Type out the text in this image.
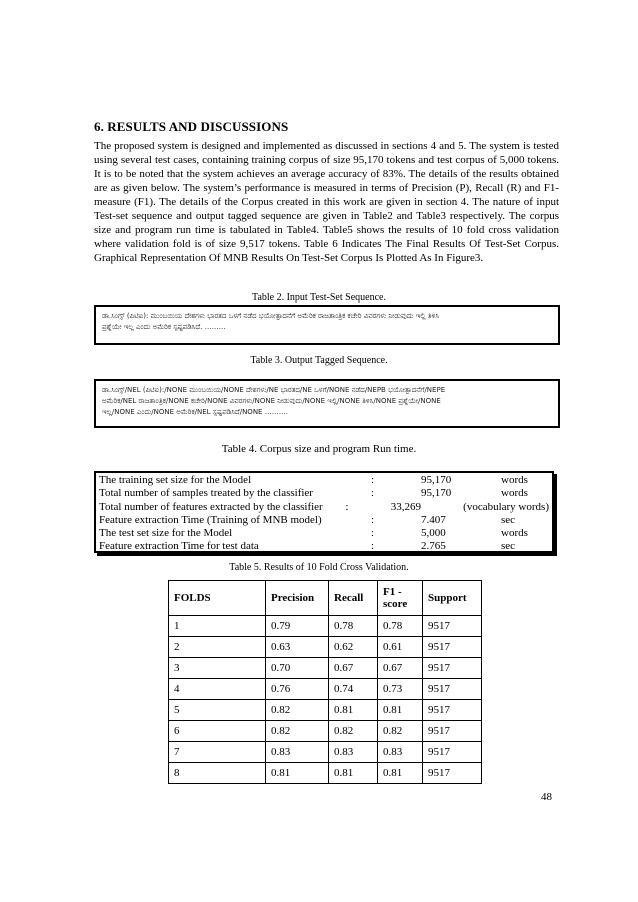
6. RESULTS AND DISCUSSIONS
The proposed system is designed and implemented as discussed in sections 4 and 5. The system is tested using several test cases, containing training corpus of size 95,170 tokens and test corpus of 5,000 tokens. It is to be noted that the system achieves an average accuracy of 83%. The details of the results obtained are as given below. The system’s performance is measured in terms of Precision (P), Recall (R) and F1-measure (F1). The details of the Corpus created in this work are given in section 4. The nature of input Test-set sequence and output tagged sequence are given in Table2 and Table3 respectively. The corpus size and program run time is tabulated in Table4. Table5 shows the results of 10 fold cross validation where validation fold is of size 9,517 tokens. Table 6 Indicates The Final Results Of Test-Set Corpus. Graphical Representation Of MNB Results On Test-Set Corpus Is Plotted As In Figure3.
Table 2. Input Test-Set Sequence.
ಡಾ.ಸಿಂಗ್ಸ್ (ಪಿಟಿಐ): ಮುಂಬಯಿಯ ದೇಶಗಳು ಭಾರತದ ಒಳಗೆ ನಡೆದ ಭಯೋತ್ಪಾದನೆಗೆ ಅಮೆರಿಕ ರಾಜತಾಂತ್ರಿಕ ಕಚೇರಿ ವಿವರಗಳು ನೀಡುವುದು ಇಲ್ಲಿ ತಿಳಿಸಿ
ಪ್ರಶ್ನೆಯೇ ಇಲ್ಲ ಎಂದು ಅಮೆರಿಕ ಸ್ಪಷ್ಟಪಡಿಸಿದೆ. ………
Table 3. Output Tagged Sequence.
ಡಾ.ಸಿಂಗ್ಸ್/NEL (ಪಿಟಿಐ):/NONE ಮುಂಬಯಿಯ/NONE ದೇಶಗಳು/NE ಭಾರತದ/NE ಒಳಗೆ/NONE ನಡೆದ/NEPB ಭಯೋತ್ಪಾದನೆಗೆ/NEPE
ಅಮೆರಿಕ/NEL ರಾಜತಾಂತ್ರಿಕ/NONE ಕಚೇರಿ/NONE ವಿವರಗಳು/NONE ನೀಡುವುದು/NONE ಇಲ್ಲಿ/NONE ತಿಳಿಸಿ/NONE ಪ್ರಶ್ನೆಯೇ/NONE
ಇಲ್ಲ/NONE ಎಂದು/NONE ಅಮೆರಿಕ/NEL ಸ್ಪಷ್ಟಪಡಿಸಿದೆ/NONE ……….
Table 4. Corpus size and program Run time.
The training set size for the Model	:	95,170	words
Total number of samples treated by the classifier	:	95,170	words
Total number of features extracted by the classifier	:	33,269	(vocabulary words)
Feature extraction Time (Training of MNB model)	:	7.407	sec
The test set size for the Model	:	5,000	words
Feature extraction Time for test data	:	2.765	sec
Table 5. Results of 10 Fold Cross Validation.
FOLDS	Precision	Recall	F1 - score	Support
1	0.79	0.78	0.78	9517
2	0.63	0.62	0.61	9517
3	0.70	0.67	0.67	9517
4	0.76	0.74	0.73	9517
5	0.82	0.81	0.81	9517
6	0.82	0.82	0.82	9517
7	0.83	0.83	0.83	9517
8	0.81	0.81	0.81	9517
48
